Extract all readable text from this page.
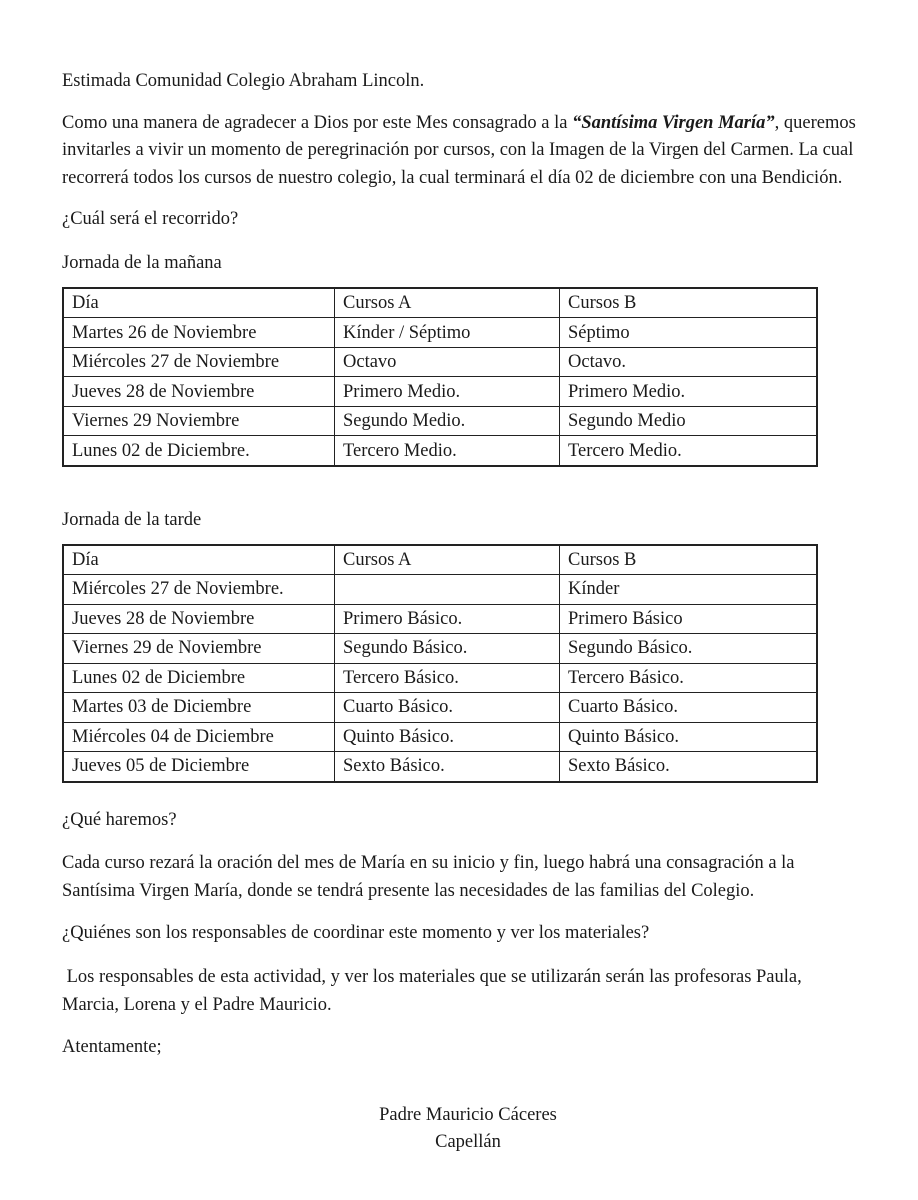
Estimada Comunidad Colegio Abraham Lincoln.

Como una manera de agradecer a Dios por este Mes consagrado a la “Santísima Virgen María”, queremos invitarles a vivir un momento de peregrinación por cursos, con la Imagen de la Virgen del Carmen. La cual recorrerá todos los cursos de nuestro colegio, la cual terminará el día 02 de diciembre con una Bendición.

¿Cuál será el recorrido?

Jornada de la mañana

Día	Cursos A	Cursos B
Martes 26 de Noviembre	Kínder / Séptimo	Séptimo
Miércoles 27 de Noviembre	Octavo	Octavo.
Jueves 28 de Noviembre	Primero Medio.	Primero Medio.
Viernes 29 Noviembre	Segundo Medio.	Segundo Medio
Lunes 02 de Diciembre.	Tercero Medio.	Tercero Medio.

Jornada de la tarde

Día	Cursos A	Cursos B
Miércoles 27 de Noviembre.		Kínder
Jueves 28 de Noviembre	Primero Básico.	Primero Básico
Viernes 29 de Noviembre	Segundo Básico.	Segundo Básico.
Lunes 02 de Diciembre	Tercero Básico.	Tercero Básico.
Martes 03 de Diciembre	Cuarto Básico.	Cuarto Básico.
Miércoles 04 de Diciembre	Quinto Básico.	Quinto Básico.
Jueves 05 de Diciembre	Sexto Básico.	Sexto Básico.

¿Qué haremos?

Cada curso rezará la oración del mes de María en su inicio y fin, luego habrá una consagración a la Santísima Virgen María, donde se tendrá presente las necesidades de las familias del Colegio.

¿Quiénes son los responsables de coordinar este momento y ver los materiales?

Los responsables de esta actividad, y ver los materiales que se utilizarán serán las profesoras Paula, Marcia, Lorena y el Padre Mauricio.

Atentamente;

Padre Mauricio Cáceres
Capellán
